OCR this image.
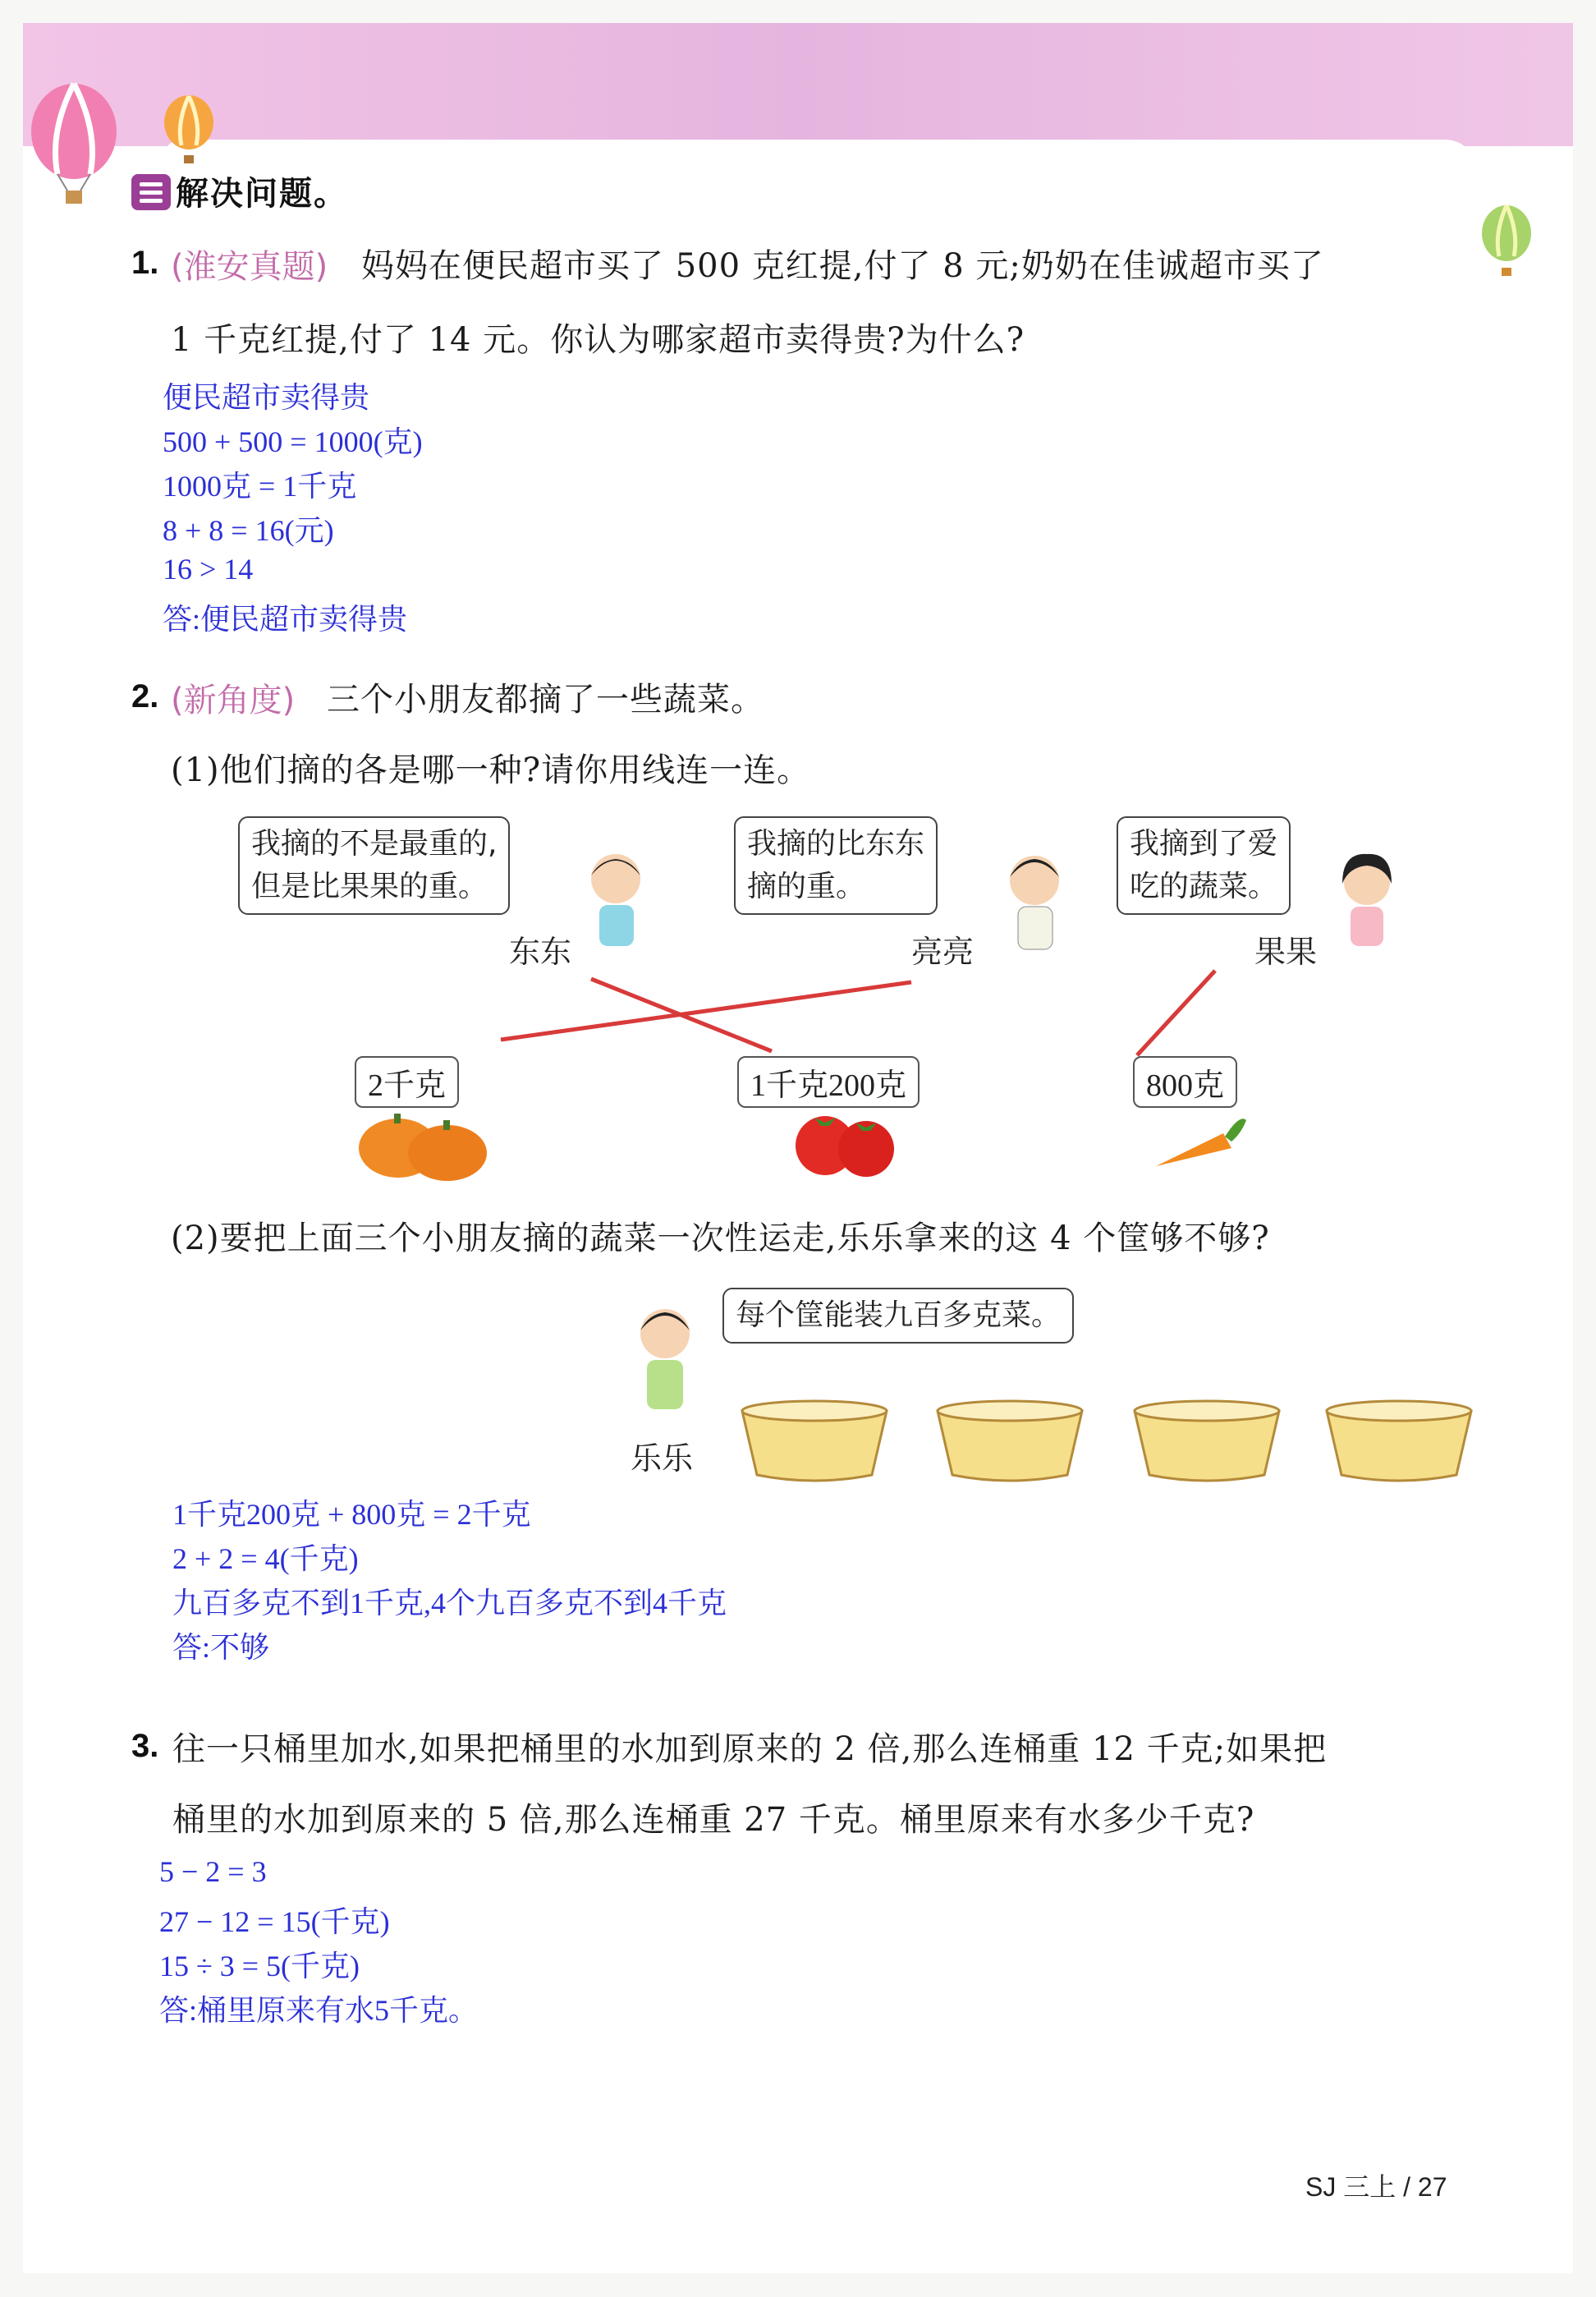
解决问题。
1. (淮安真题) 妈妈在便民超市买了 500 克红提,付了 8 元;奶奶在佳诚超市买了
1 千克红提,付了 14 元。你认为哪家超市卖得贵?为什么?
便民超市卖得贵
500 + 500 = 1000(克)
1000克 = 1千克
8 + 8 = 16(元)
16 > 14
答:便民超市卖得贵
2. (新角度) 三个小朋友都摘了一些蔬菜。
(1)他们摘的各是哪一种?请你用线连一连。
我摘的不是最重的,
但是比果果的重。
我摘的比东东
摘的重。
我摘到了爱
吃的蔬菜。
东东	亮亮	果果
2千克	1千克200克	800克
(2)要把上面三个小朋友摘的蔬菜一次性运走,乐乐拿来的这 4 个筐够不够?
每个筐能装九百多克菜。
乐乐
1千克200克 + 800克 = 2千克
2 + 2 = 4(千克)
九百多克不到1千克,4个九百多克不到4千克
答:不够
3. 往一只桶里加水,如果把桶里的水加到原来的 2 倍,那么连桶重 12 千克;如果把
桶里的水加到原来的 5 倍,那么连桶重 27 千克。桶里原来有水多少千克?
5 − 2 = 3
27 − 12 = 15(千克)
15 ÷ 3 = 5(千克)
答:桶里原来有水5千克。
SJ 三上 / 27
